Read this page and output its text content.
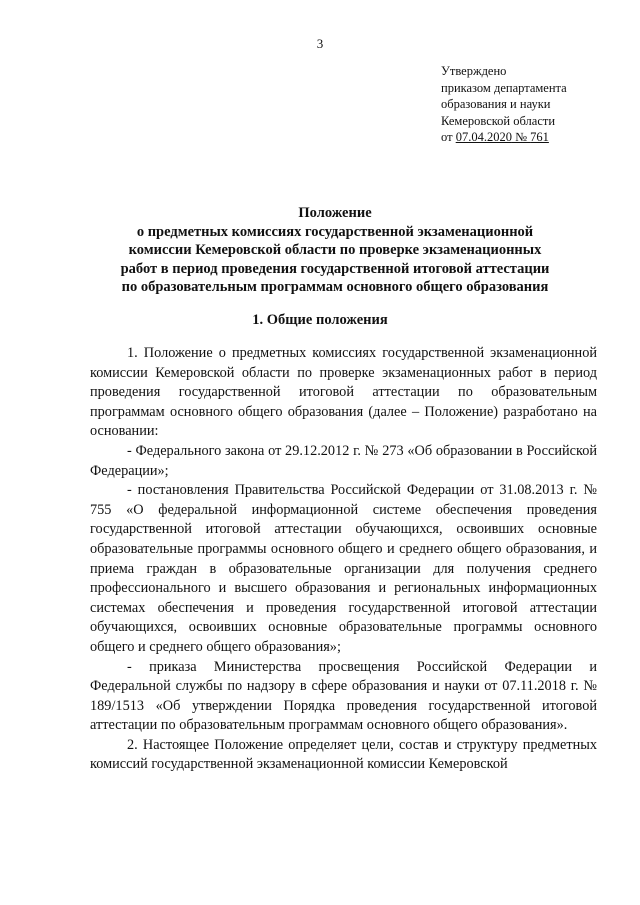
3
Утверждено
приказом департамента
образования и науки
Кемеровской области
от 07.04.2020 № 761
Положение
о предметных комиссиях государственной экзаменационной
комиссии Кемеровской области по проверке экзаменационных
работ в период проведения государственной итоговой аттестации
по образовательным программам основного общего образования
1. Общие положения

1. Положение о предметных комиссиях государственной экзаменационной комиссии Кемеровской области по проверке экзаменационных работ в период проведения государственной итоговой аттестации по образовательным программам основного общего образования (далее – Положение) разработано на основании:

- Федерального закона от 29.12.2012 г. № 273 «Об образовании в Российской Федерации»;

- постановления Правительства Российской Федерации от 31.08.2013 г. № 755 «О федеральной информационной системе обеспечения проведения государственной итоговой аттестации обучающихся, освоивших основные образовательные программы основного общего и среднего общего образования, и приема граждан в образовательные организации для получения среднего профессионального и высшего образования и региональных информационных системах обеспечения и проведения государственной итоговой аттестации обучающихся, освоивших основные образовательные программы основного общего и среднего общего образования»;

- приказа Министерства просвещения Российской Федерации и Федеральной службы по надзору в сфере образования и науки от 07.11.2018 г. № 189/1513 «Об утверждении Порядка проведения государственной итоговой аттестации по образовательным программам основного общего образования».

2. Настоящее Положение определяет цели, состав и структуру предметных комиссий государственной экзаменационной комиссии Кемеровской
